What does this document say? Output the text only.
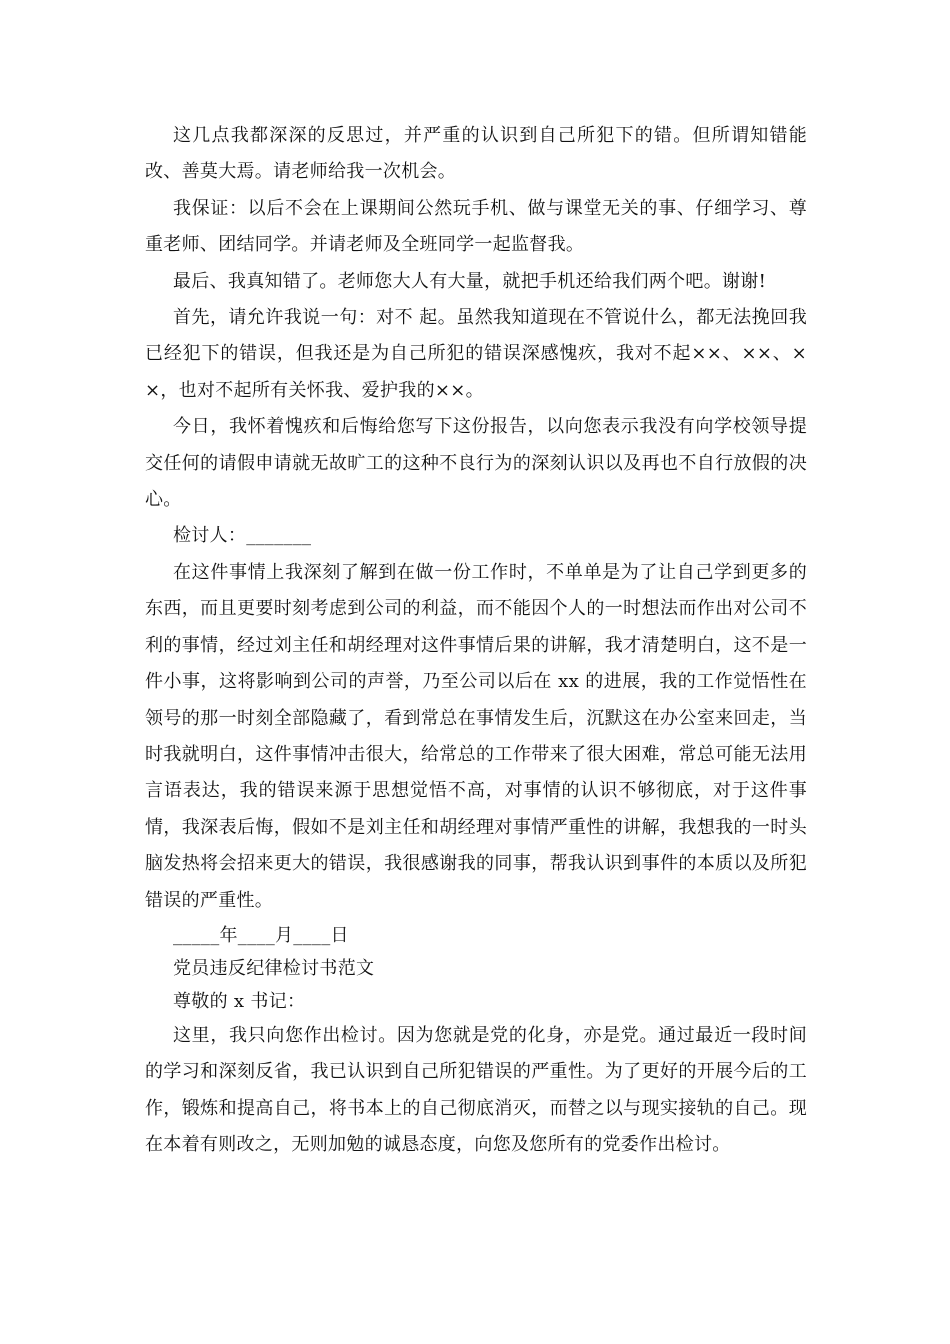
这几点我都深深的反思过，并严重的认识到自己所犯下的错。但所谓知错能改、善莫大焉。请老师给我一次机会。

我保证：以后不会在上课期间公然玩手机、做与课堂无关的事、仔细学习、尊重老师、团结同学。并请老师及全班同学一起监督我。

最后、我真知错了。老师您大人有大量，就把手机还给我们两个吧。谢谢!

首先，请允许我说一句：对不 起。虽然我知道现在不管说什么，都无法挽回我已经犯下的错误，但我还是为自己所犯的错误深感愧疚，我对不起××、××、××，也对不起所有关怀我、爱护我的××。

今日，我怀着愧疚和后悔给您写下这份报告，以向您表示我没有向学校领导提交任何的请假申请就无故旷工的这种不良行为的深刻认识以及再也不自行放假的决心。

检讨人：_______

在这件事情上我深刻了解到在做一份工作时，不单单是为了让自己学到更多的东西，而且更要时刻考虑到公司的利益，而不能因个人的一时想法而作出对公司不利的事情，经过刘主任和胡经理对这件事情后果的讲解，我才清楚明白，这不是一件小事，这将影响到公司的声誉，乃至公司以后在 xx 的进展，我的工作觉悟性在领号的那一时刻全部隐藏了，看到常总在事情发生后，沉默这在办公室来回走，当时我就明白，这件事情冲击很大，给常总的工作带来了很大困难，常总可能无法用言语表达，我的错误来源于思想觉悟不高，对事情的认识不够彻底，对于这件事情，我深表后悔，假如不是刘主任和胡经理对事情严重性的讲解，我想我的一时头脑发热将会招来更大的错误，我很感谢我的同事，帮我认识到事件的本质以及所犯错误的严重性。

_____年____月____日

党员违反纪律检讨书范文

尊敬的 x 书记：

这里，我只向您作出检讨。因为您就是党的化身，亦是党。通过最近一段时间的学习和深刻反省，我已认识到自己所犯错误的严重性。为了更好的开展今后的工作，锻炼和提高自己，将书本上的自己彻底消灭，而替之以与现实接轨的自己。现在本着有则改之，无则加勉的诚恳态度，向您及您所有的党委作出检讨。
